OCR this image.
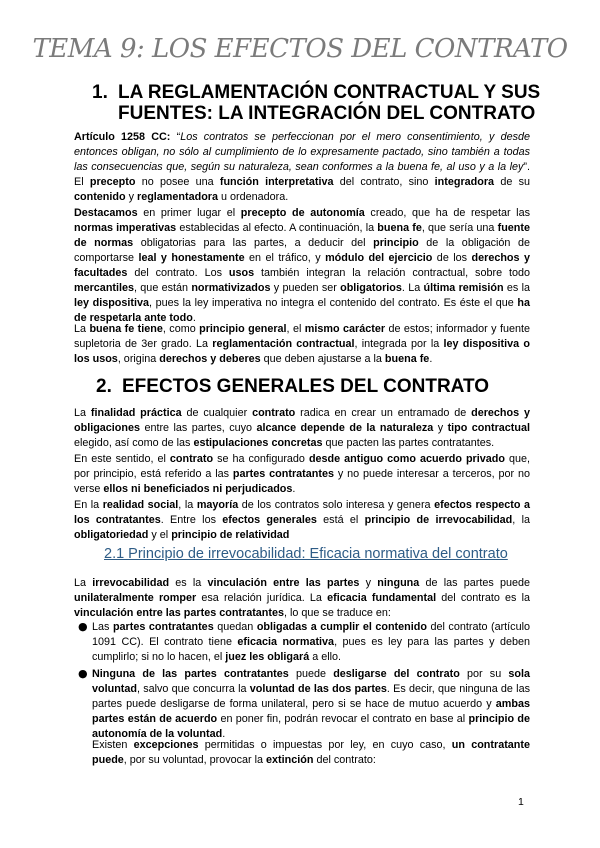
TEMA 9: LOS EFECTOS DEL CONTRATO
1. LA REGLAMENTACIÓN CONTRACTUAL Y SUS
FUENTES: LA INTEGRACIÓN DEL CONTRATO

Artículo 1258 CC: “Los contratos se perfeccionan por el mero consentimiento, y desde entonces obligan, no sólo al cumplimiento de lo expresamente pactado, sino también a todas las consecuencias que, según su naturaleza, sean conformes a la buena fe, al uso y a la ley”. El precepto no posee una función interpretativa del contrato, sino integradora de su contenido y reglamentadora u ordenadora.

Destacamos en primer lugar el precepto de autonomía creado, que ha de respetar las normas imperativas establecidas al efecto. A continuación, la buena fe, que sería una fuente de normas obligatorias para las partes, a deducir del principio de la obligación de comportarse leal y honestamente en el tráfico, y módulo del ejercicio de los derechos y facultades del contrato. Los usos también integran la relación contractual, sobre todo mercantiles, que están normativizados y pueden ser obligatorios. La última remisión es la ley dispositiva, pues la ley imperativa no integra el contenido del contrato. Es éste el que ha de respetarla ante todo.

La buena fe tiene, como principio general, el mismo carácter de estos; informador y fuente supletoria de 3er grado. La reglamentación contractual, integrada por la ley dispositiva o los usos, origina derechos y deberes que deben ajustarse a la buena fe.

2. EFECTOS GENERALES DEL CONTRATO

La finalidad práctica de cualquier contrato radica en crear un entramado de derechos y obligaciones entre las partes, cuyo alcance depende de la naturaleza y tipo contractual elegido, así como de las estipulaciones concretas que pacten las partes contratantes.

En este sentido, el contrato se ha configurado desde antiguo como acuerdo privado que, por principio, está referido a las partes contratantes y no puede interesar a terceros, por no verse ellos ni beneficiados ni perjudicados.

En la realidad social, la mayoría de los contratos solo interesa y genera efectos respecto a los contratantes. Entre los efectos generales está el principio de irrevocabilidad, la obligatoriedad y el principio de relatividad

2.1 Principio de irrevocabilidad: Eficacia normativa del contrato

La irrevocabilidad es la vinculación entre las partes y ninguna de las partes puede unilateralmente romper esa relación jurídica. La eficacia fundamental del contrato es la vinculación entre las partes contratantes, lo que se traduce en:

● Las partes contratantes quedan obligadas a cumplir el contenido del contrato (artículo 1091 CC). El contrato tiene eficacia normativa, pues es ley para las partes y deben cumplirlo; si no lo hacen, el juez les obligará a ello.

● Ninguna de las partes contratantes puede desligarse del contrato por su sola voluntad, salvo que concurra la voluntad de las dos partes. Es decir, que ninguna de las partes puede desligarse de forma unilateral, pero si se hace de mutuo acuerdo y ambas partes están de acuerdo en poner fin, podrán revocar el contrato en base al principio de autonomía de la voluntad.

Existen excepciones permitidas o impuestas por ley, en cuyo caso, un contratante puede, por su voluntad, provocar la extinción del contrato:

1
